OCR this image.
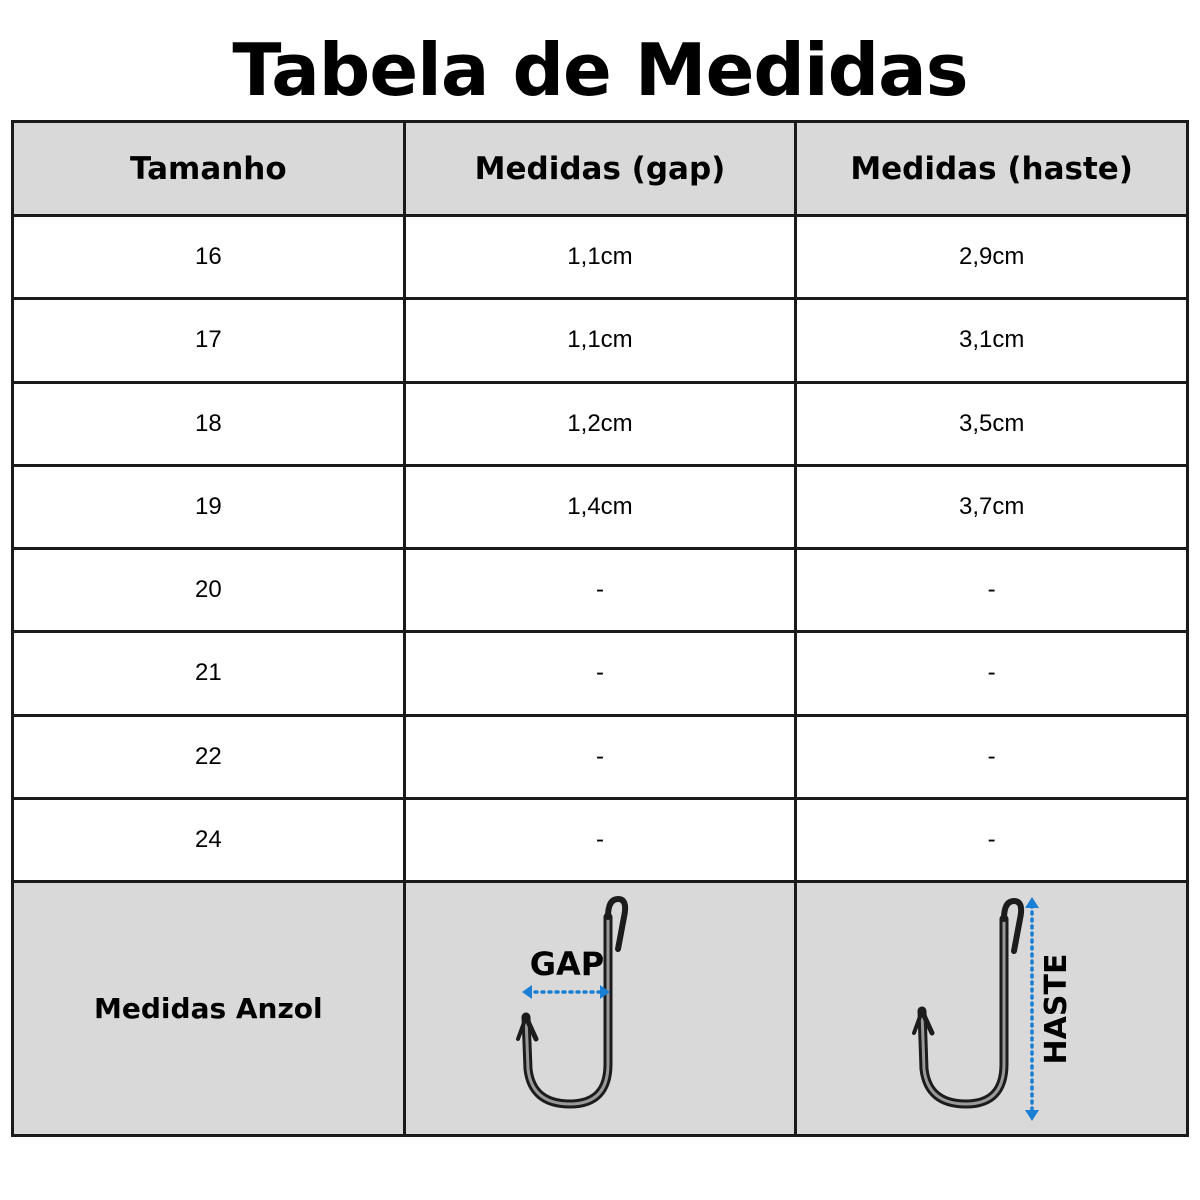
Tabela de Medidas
Tamanho	Medidas (gap)	Medidas (haste)
16	1,1cm	2,9cm
17	1,1cm	3,1cm
18	1,2cm	3,5cm
19	1,4cm	3,7cm
20	-	-
21	-	-
22	-	-
24	-	-
Medidas Anzol	GAP	HASTE
